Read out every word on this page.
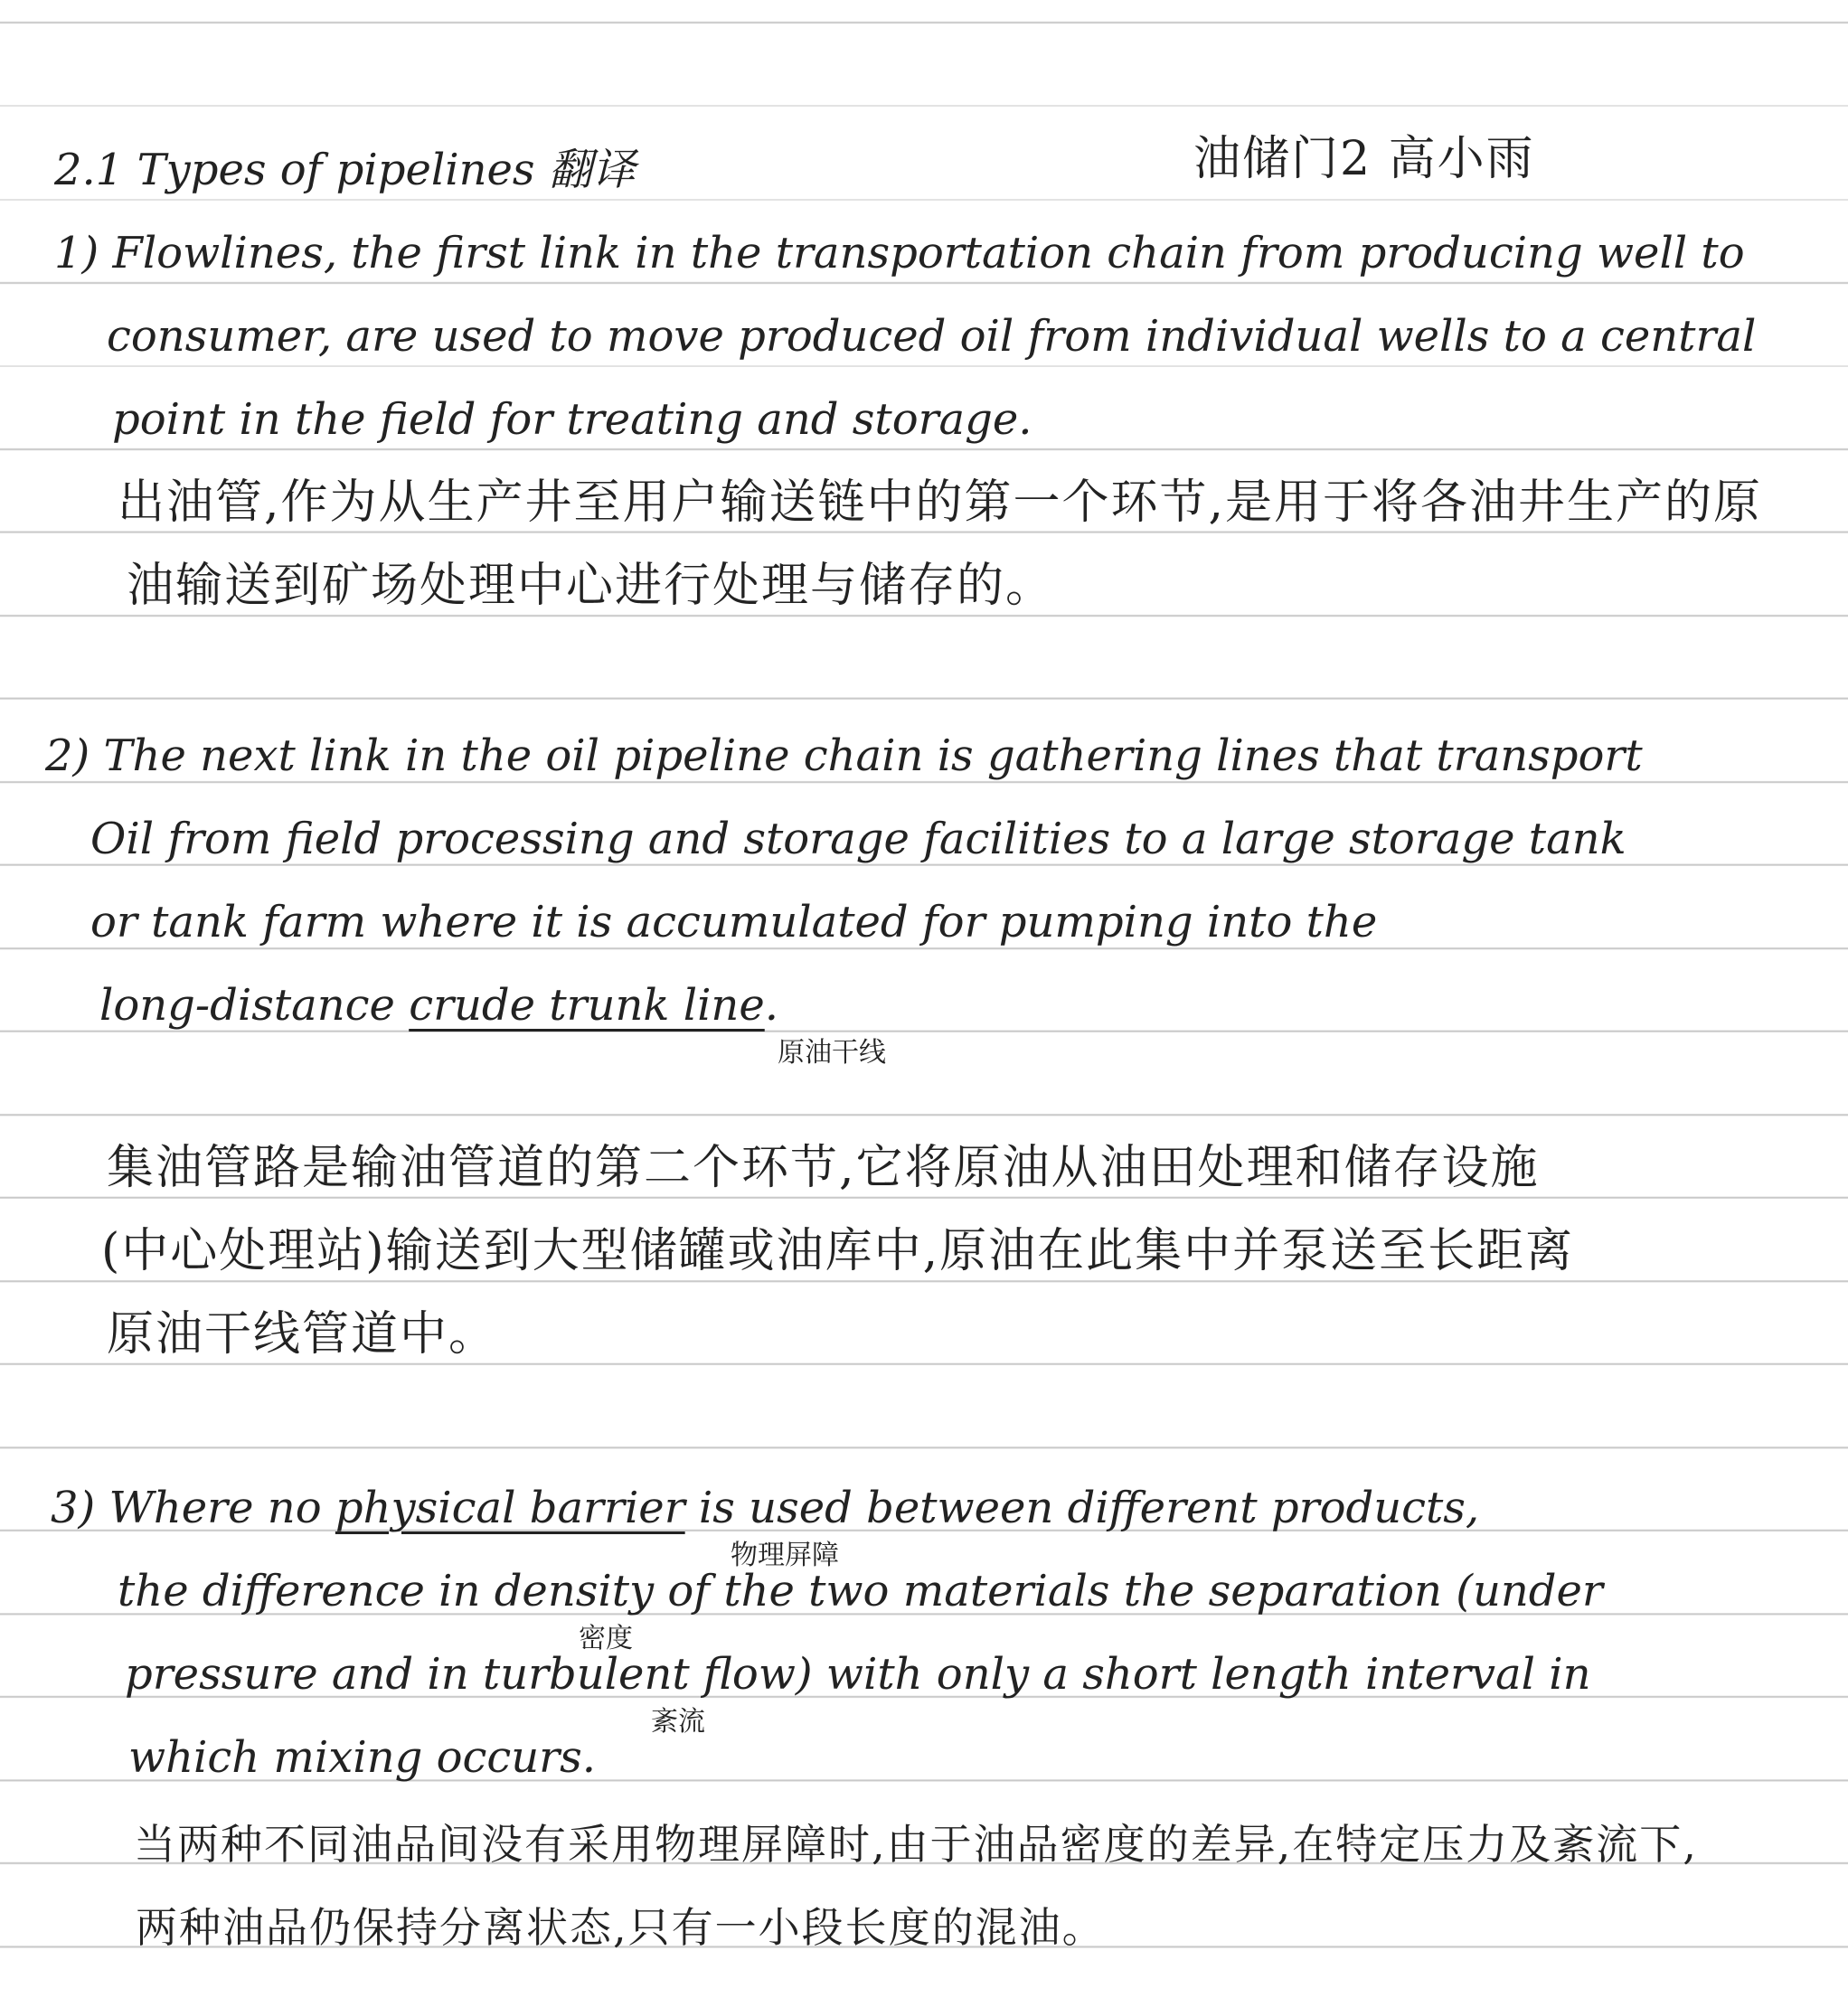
2.1 Types of pipelines 翻译	油储门2 高小雨
1) Flowlines, the first link in the transportation chain from producing well to
consumer, are used to move produced oil from individual wells to a central
point in the field for treating and storage.
出油管,作为从生产井至用户输送链中的第一个环节,是用于将各油井生产的原
油输送到矿场处理中心进行处理与储存的。
2) The next link in the oil pipeline chain is gathering lines that transport
Oil from field processing and storage facilities to a large storage tank
or tank farm where it is accumulated for pumping into the
long-distance crude trunk line.
原油干线
集油管路是输油管道的第二个环节,它将原油从油田处理和储存设施
(中心处理站)输送到大型储罐或油库中,原油在此集中并泵送至长距离
原油干线管道中。
3) Where no physical barrier is used between different products,
物理屏障
the difference in density of the two materials the separation (under
密度
pressure and in turbulent flow) with only a short length interval in
紊流
which mixing occurs.
当两种不同油品间没有采用物理屏障时,由于油品密度的差异,在特定压力及紊流下,
两种油品仍保持分离状态,只有一小段长度的混油。
